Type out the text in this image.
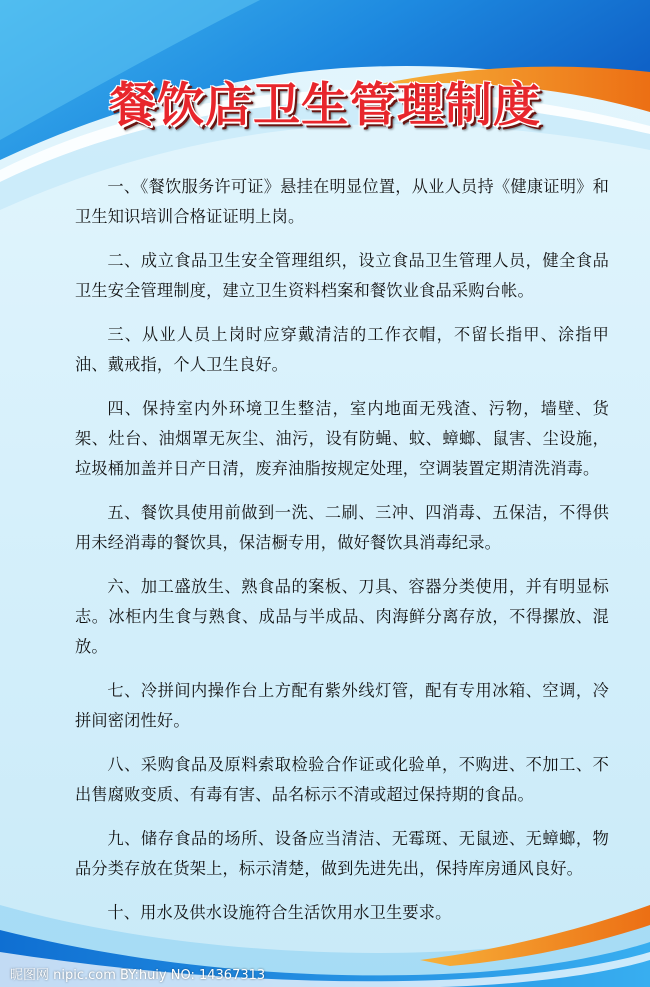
餐饮店卫生管理制度

一、《餐饮服务许可证》悬挂在明显位置，从业人员持《健康证明》和卫生知识培训合格证证明上岗。

二、成立食品卫生安全管理组织，设立食品卫生管理人员，健全食品卫生安全管理制度，建立卫生资料档案和餐饮业食品采购台帐。

三、从业人员上岗时应穿戴清洁的工作衣帽，不留长指甲、涂指甲油、戴戒指，个人卫生良好。

四、保持室内外环境卫生整洁，室内地面无残渣、污物，墙壁、货架、灶台、油烟罩无灰尘、油污，设有防蝇、蚊、蟑螂、鼠害、尘设施，垃圾桶加盖并日产日清，废弃油脂按规定处理，空调装置定期清洗消毒。

五、餐饮具使用前做到一洗、二刷、三冲、四消毒、五保洁，不得供用未经消毒的餐饮具，保洁橱专用，做好餐饮具消毒纪录。

六、加工盛放生、熟食品的案板、刀具、容器分类使用，并有明显标志。冰柜内生食与熟食、成品与半成品、肉海鲜分离存放，不得摞放、混放。

七、冷拼间内操作台上方配有紫外线灯管，配有专用冰箱、空调，冷拼间密闭性好。

八、采购食品及原料索取检验合作证或化验单，不购进、不加工、不出售腐败变质、有毒有害、品名标示不清或超过保持期的食品。

九、储存食品的场所、设备应当清洁、无霉斑、无鼠迹、无蟑螂，物品分类存放在货架上，标示清楚，做到先进先出，保持库房通风良好。

十、用水及供水设施符合生活饮用水卫生要求。

昵图网 nipic.com BY:huiy NO: 14367313
